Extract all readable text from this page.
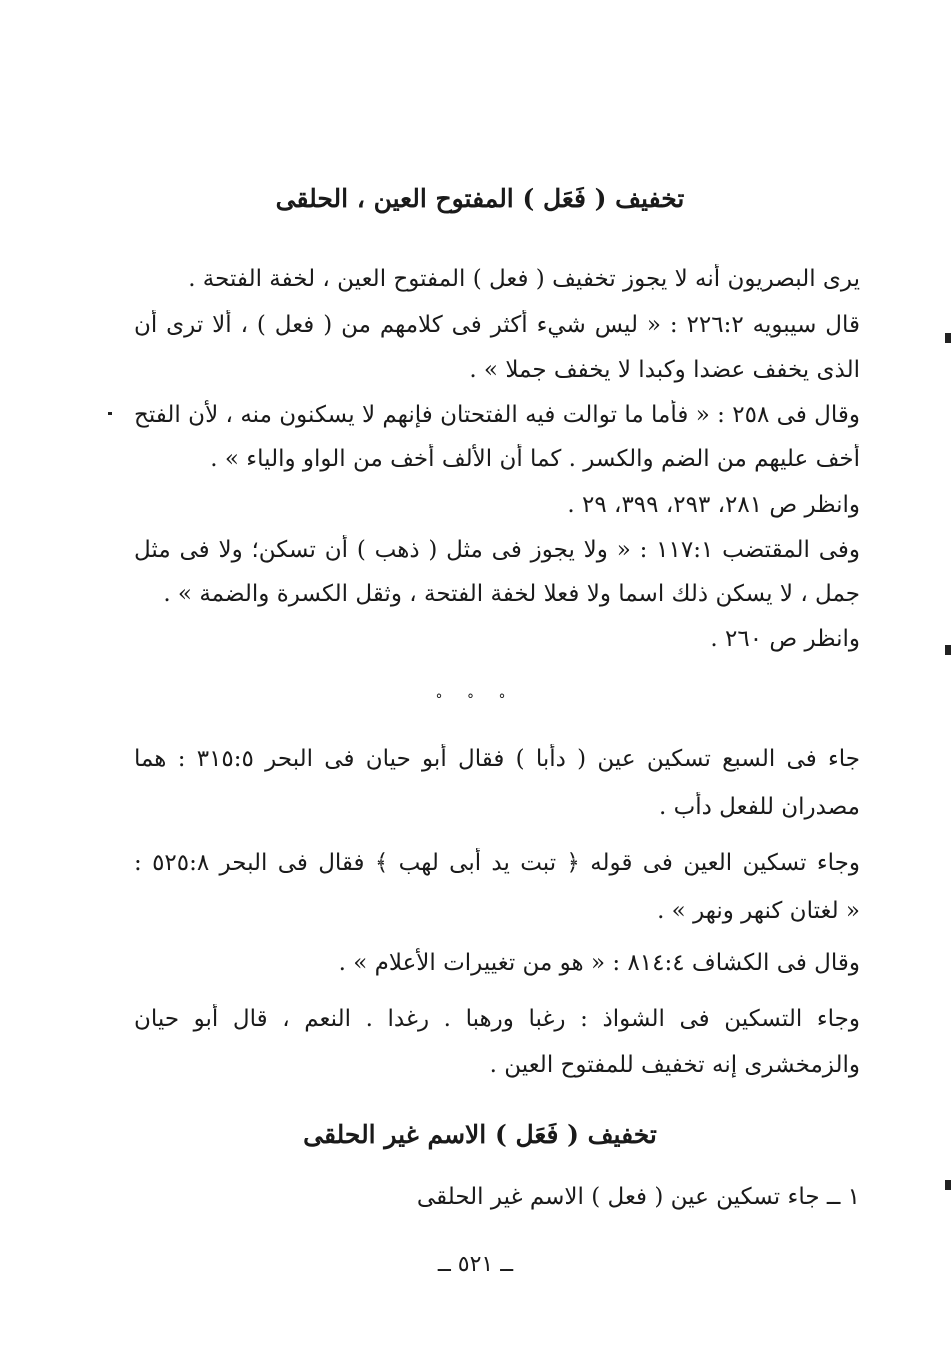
تخفيف ( فَعَل ) المفتوح العين ، الحلقى
يرى البصريون أنه لا يجوز تخفيف ( فعل ) المفتوح العين ، لخفة الفتحة .
قال سيبويه ٢٢٦:٢ : « ليس شيء أكثر فى كلامهم من ( فعل ) ، ألا ترى أن
الذى يخفف عضدا وكبدا لا يخفف جملا » .
وقال فى ٢٥٨ : « فأما ما توالت فيه الفتحتان فإنهم لا يسكنون منه ، لأن الفتح
أخف عليهم من الضم والكسر . كما أن الألف أخف من الواو والياء » .
وانظر ص ٢٨١، ٢٩٣، ٣٩٩، ٢٩ .
وفى المقتضب ١١٧:١ : « ولا يجوز فى مثل ( ذهب ) أن تسكن؛ ولا فى مثل
جمل ، لا يسكن ذلك اسما ولا فعلا لخفة الفتحة ، وثقل الكسرة والضمة » .
وانظر ص ٢٦٠ .
° ° °
جاء فى السبع تسكين عين ( دأبا ) فقال أبو حيان فى البحر ٣١٥:٥ : هما
مصدران للفعل دأب .
وجاء تسكين العين فى قوله ﴿ تبت يد أبى لهب ﴾ فقال فى البحر ٥٢٥:٨ :
« لغتان كنهر ونهر » .
وقال فى الكشاف ٨١٤:٤ : « هو من تغييرات الأعلام » .
وجاء التسكين فى الشواذ : رغبا ورهبا . رغدا . النعم ، قال أبو حيان
والزمخشرى إنه تخفيف للمفتوح العين .
تخفيف ( فَعَل ) الاسم غير الحلقى
١ ــ جاء تسكين عين ( فعل ) الاسم غير الحلقى
ــ ٥٢١ ــ
